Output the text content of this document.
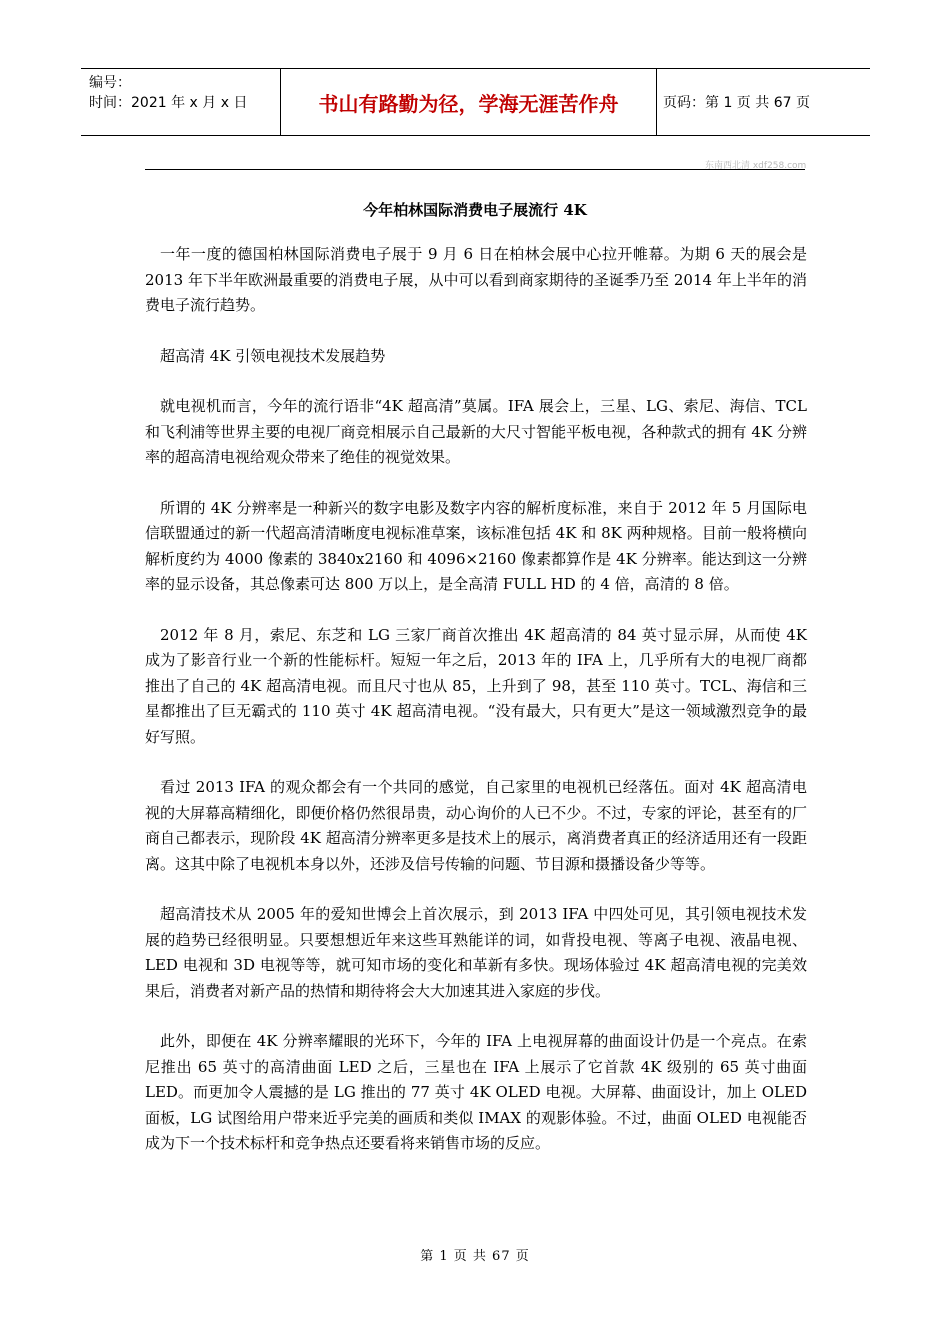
编号：
时间：2021 年 x 月 x 日	书山有路勤为径，学海无涯苦作舟	页码：第 1 页 共 67 页
东南西北清 xdf258.com
今年柏林国际消费电子展流行 4K

一年一度的德国柏林国际消费电子展于 9 月 6 日在柏林会展中心拉开帷幕。为期 6 天的展会是 2013 年下半年欧洲最重要的消费电子展，从中可以看到商家期待的圣诞季乃至 2014 年上半年的消费电子流行趋势。

超高清 4K 引领电视技术发展趋势

就电视机而言，今年的流行语非“4K 超高清”莫属。IFA 展会上，三星、LG、索尼、海信、TCL 和飞利浦等世界主要的电视厂商竞相展示自己最新的大尺寸智能平板电视，各种款式的拥有 4K 分辨率的超高清电视给观众带来了绝佳的视觉效果。

所谓的 4K 分辨率是一种新兴的数字电影及数字内容的解析度标准，来自于 2012 年 5 月国际电信联盟通过的新一代超高清清晰度电视标准草案，该标准包括 4K 和 8K 两种规格。目前一般将横向解析度约为 4000 像素的 3840x2160 和 4096×2160 像素都算作是 4K 分辨率。能达到这一分辨率的显示设备，其总像素可达 800 万以上，是全高清 FULL HD 的 4 倍，高清的 8 倍。

2012 年 8 月，索尼、东芝和 LG 三家厂商首次推出 4K 超高清的 84 英寸显示屏，从而使 4K 成为了影音行业一个新的性能标杆。短短一年之后，2013 年的 IFA 上，几乎所有大的电视厂商都推出了自己的 4K 超高清电视。而且尺寸也从 85，上升到了 98，甚至 110 英寸。TCL、海信和三星都推出了巨无霸式的 110 英寸 4K 超高清电视。“没有最大，只有更大”是这一领域激烈竞争的最好写照。

看过 2013 IFA 的观众都会有一个共同的感觉，自己家里的电视机已经落伍。面对 4K 超高清电视的大屏幕高精细化，即便价格仍然很昂贵，动心询价的人已不少。不过，专家的评论，甚至有的厂商自己都表示，现阶段 4K 超高清分辨率更多是技术上的展示，离消费者真正的经济适用还有一段距离。这其中除了电视机本身以外，还涉及信号传输的问题、节目源和摄播设备少等等。

超高清技术从 2005 年的爱知世博会上首次展示，到 2013 IFA 中四处可见，其引领电视技术发展的趋势已经很明显。只要想想近年来这些耳熟能详的词，如背投电视、等离子电视、液晶电视、LED 电视和 3D 电视等等，就可知市场的变化和革新有多快。现场体验过 4K 超高清电视的完美效果后，消费者对新产品的热情和期待将会大大加速其进入家庭的步伐。

此外，即便在 4K 分辨率耀眼的光环下，今年的 IFA 上电视屏幕的曲面设计仍是一个亮点。在索尼推出 65 英寸的高清曲面 LED 之后，三星也在 IFA 上展示了它首款 4K 级别的 65 英寸曲面 LED。而更加令人震撼的是 LG 推出的 77 英寸 4K OLED 电视。大屏幕、曲面设计，加上 OLED 面板，LG 试图给用户带来近乎完美的画质和类似 IMAX 的观影体验。不过，曲面 OLED 电视能否成为下一个技术标杆和竞争热点还要看将来销售市场的反应。

第 1 页 共 67 页
